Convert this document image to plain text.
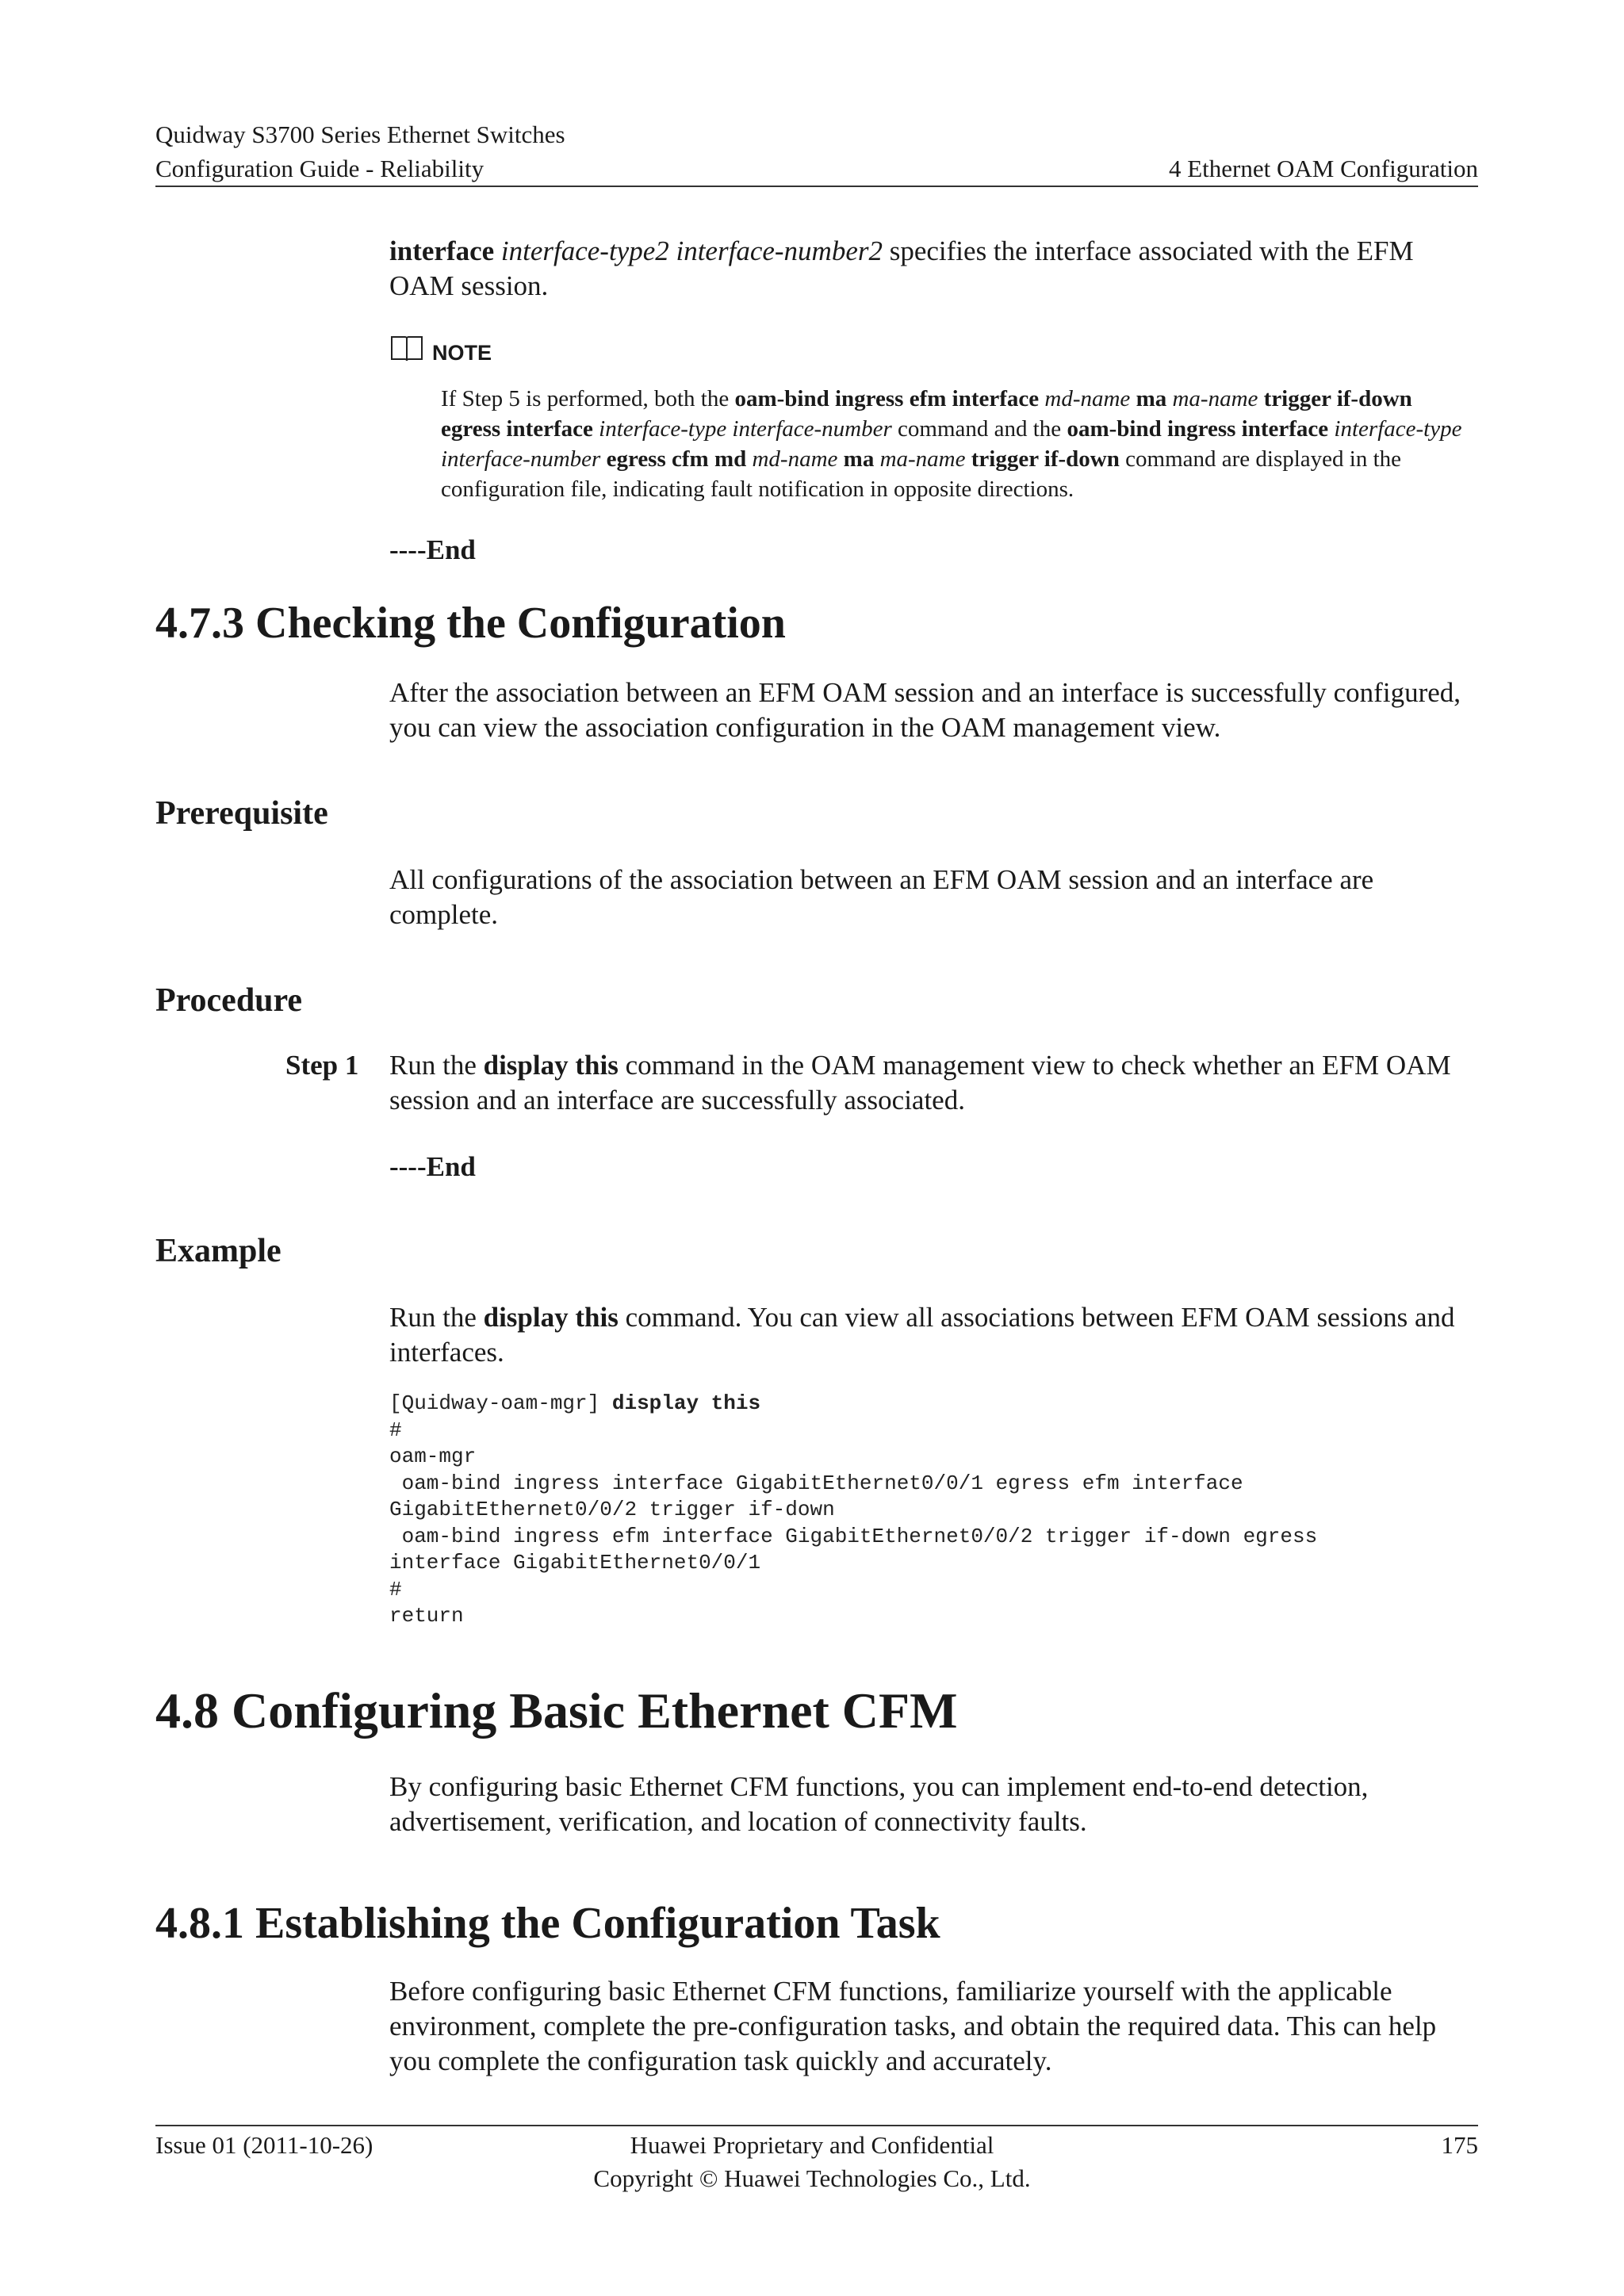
Quidway S3700 Series Ethernet Switches
Configuration Guide - Reliability	4 Ethernet OAM Configuration
interface interface-type2 interface-number2 specifies the interface associated with the EFM OAM session.
NOTE
If Step 5 is performed, both the oam-bind ingress efm interface md-name ma ma-name trigger if-down egress interface interface-type interface-number command and the oam-bind ingress interface interface-type interface-number egress cfm md md-name ma ma-name trigger if-down command are displayed in the configuration file, indicating fault notification in opposite directions.
----End
4.7.3 Checking the Configuration
After the association between an EFM OAM session and an interface is successfully configured, you can view the association configuration in the OAM management view.
Prerequisite
All configurations of the association between an EFM OAM session and an interface are complete.
Procedure
Step 1 Run the display this command in the OAM management view to check whether an EFM OAM session and an interface are successfully associated.
----End
Example
Run the display this command. You can view all associations between EFM OAM sessions and interfaces.
[Quidway-oam-mgr] display this
#
oam-mgr
oam-bind ingress interface GigabitEthernet0/0/1 egress efm interface
GigabitEthernet0/0/2 trigger if-down
oam-bind ingress efm interface GigabitEthernet0/0/2 trigger if-down egress
interface GigabitEthernet0/0/1
#
return
4.8 Configuring Basic Ethernet CFM
By configuring basic Ethernet CFM functions, you can implement end-to-end detection, advertisement, verification, and location of connectivity faults.
4.8.1 Establishing the Configuration Task
Before configuring basic Ethernet CFM functions, familiarize yourself with the applicable environment, complete the pre-configuration tasks, and obtain the required data. This can help you complete the configuration task quickly and accurately.
Issue 01 (2011-10-26)	Huawei Proprietary and Confidential
Copyright © Huawei Technologies Co., Ltd.
175
